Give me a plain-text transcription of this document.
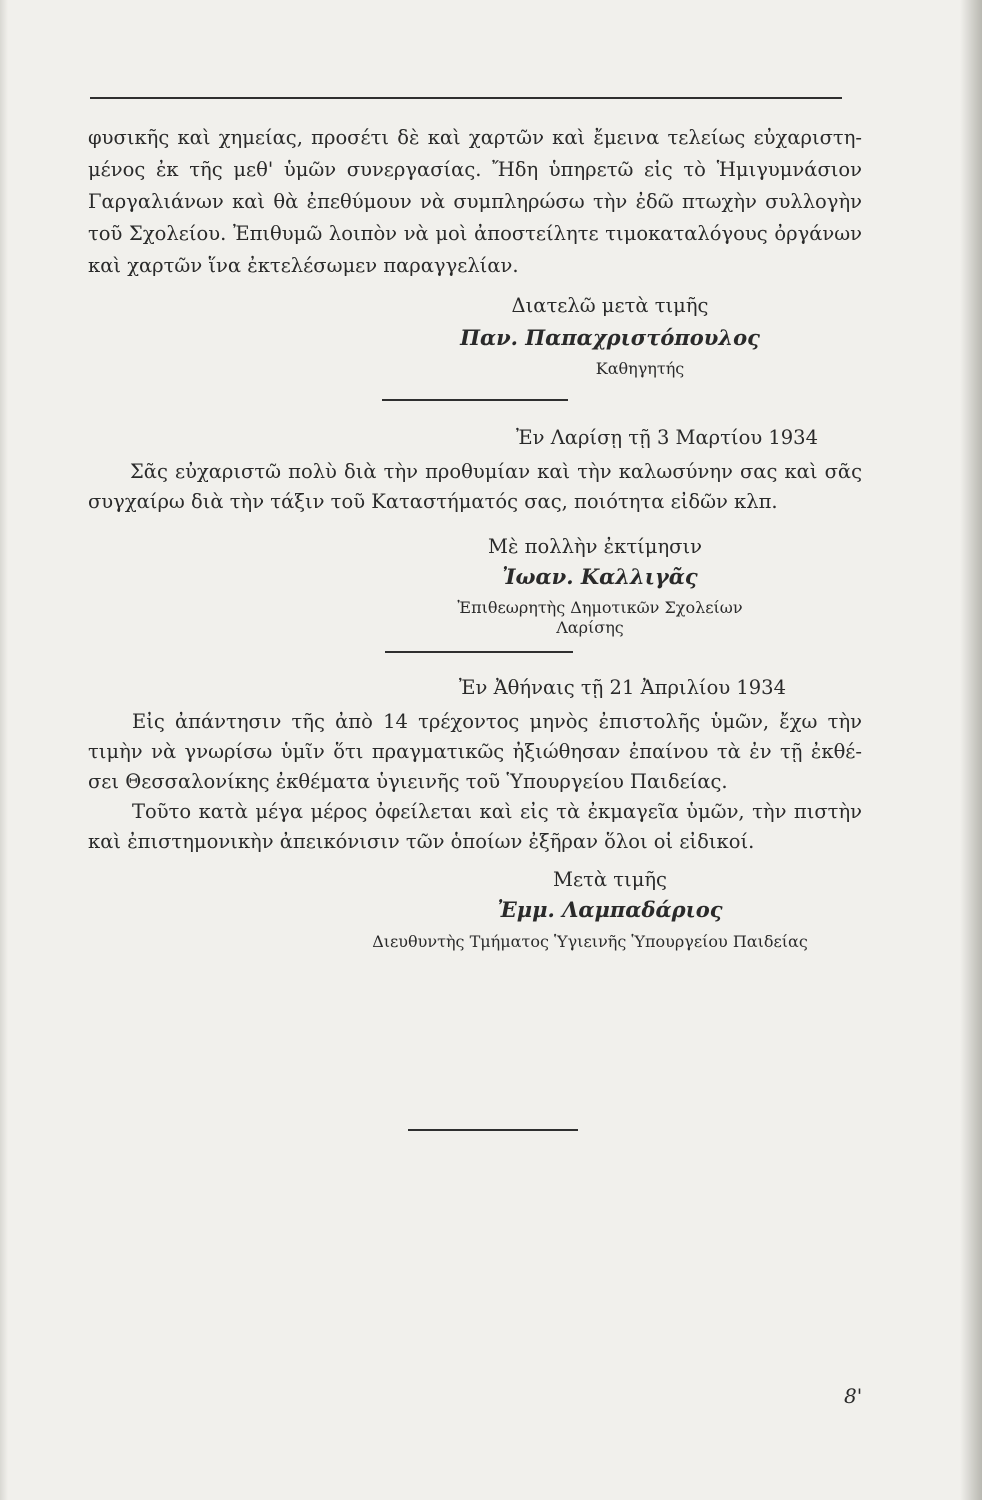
φυσικῆς καὶ χημείας, προσέτι δὲ καὶ χαρτῶν καὶ ἔμεινα τελείως εὐχαριστη-
μένος ἐκ τῆς μεθ' ὑμῶν συνεργασίας. Ἤδη ὑπηρετῶ εἰς τὸ Ἡμιγυμνάσιον
Γαργαλιάνων καὶ θὰ ἐπεθύμουν νὰ συμπληρώσω τὴν ἐδῶ πτωχὴν συλλογὴν
τοῦ Σχολείου. Ἐπιθυμῶ λοιπὸν νὰ μοὶ ἀποστείλητε τιμοκαταλόγους ὀργάνων
καὶ χαρτῶν ἵνα ἐκτελέσωμεν παραγγελίαν.
Διατελῶ μετὰ τιμῆς
Παν. Παπαχριστόπουλος
Καθηγητής
Ἐν Λαρίσῃ τῇ 3 Μαρτίου 1934
Σᾶς εὐχαριστῶ πολὺ διὰ τὴν προθυμίαν καὶ τὴν καλωσύνην σας καὶ σᾶς
συγχαίρω διὰ τὴν τάξιν τοῦ Καταστήματός σας, ποιότητα εἰδῶν κλπ.
Μὲ πολλὴν ἐκτίμησιν
Ἰωαν. Καλλιγᾶς
Ἐπιθεωρητὴς Δημοτικῶν Σχολείων
Λαρίσης
Ἐν Ἀθήναις τῇ 21 Ἀπριλίου 1934
Εἰς ἀπάντησιν τῆς ἀπὸ 14 τρέχοντος μηνὸς ἐπιστολῆς ὑμῶν, ἔχω τὴν
τιμὴν νὰ γνωρίσω ὑμῖν ὅτι πραγματικῶς ἠξιώθησαν ἐπαίνου τὰ ἐν τῇ ἐκθέ-
σει Θεσσαλονίκης ἐκθέματα ὑγιεινῆς τοῦ Ὑπουργείου Παιδείας.
Τοῦτο κατὰ μέγα μέρος ὀφείλεται καὶ εἰς τὰ ἐκμαγεῖα ὑμῶν, τὴν πιστὴν
καὶ ἐπιστημονικὴν ἀπεικόνισιν τῶν ὁποίων ἐξῆραν ὅλοι οἱ εἰδικοί.
Μετὰ τιμῆς
Ἐμμ. Λαμπαδάριος
Διευθυντὴς Τμήματος Ὑγιεινῆς Ὑπουργείου Παιδείας
8'
